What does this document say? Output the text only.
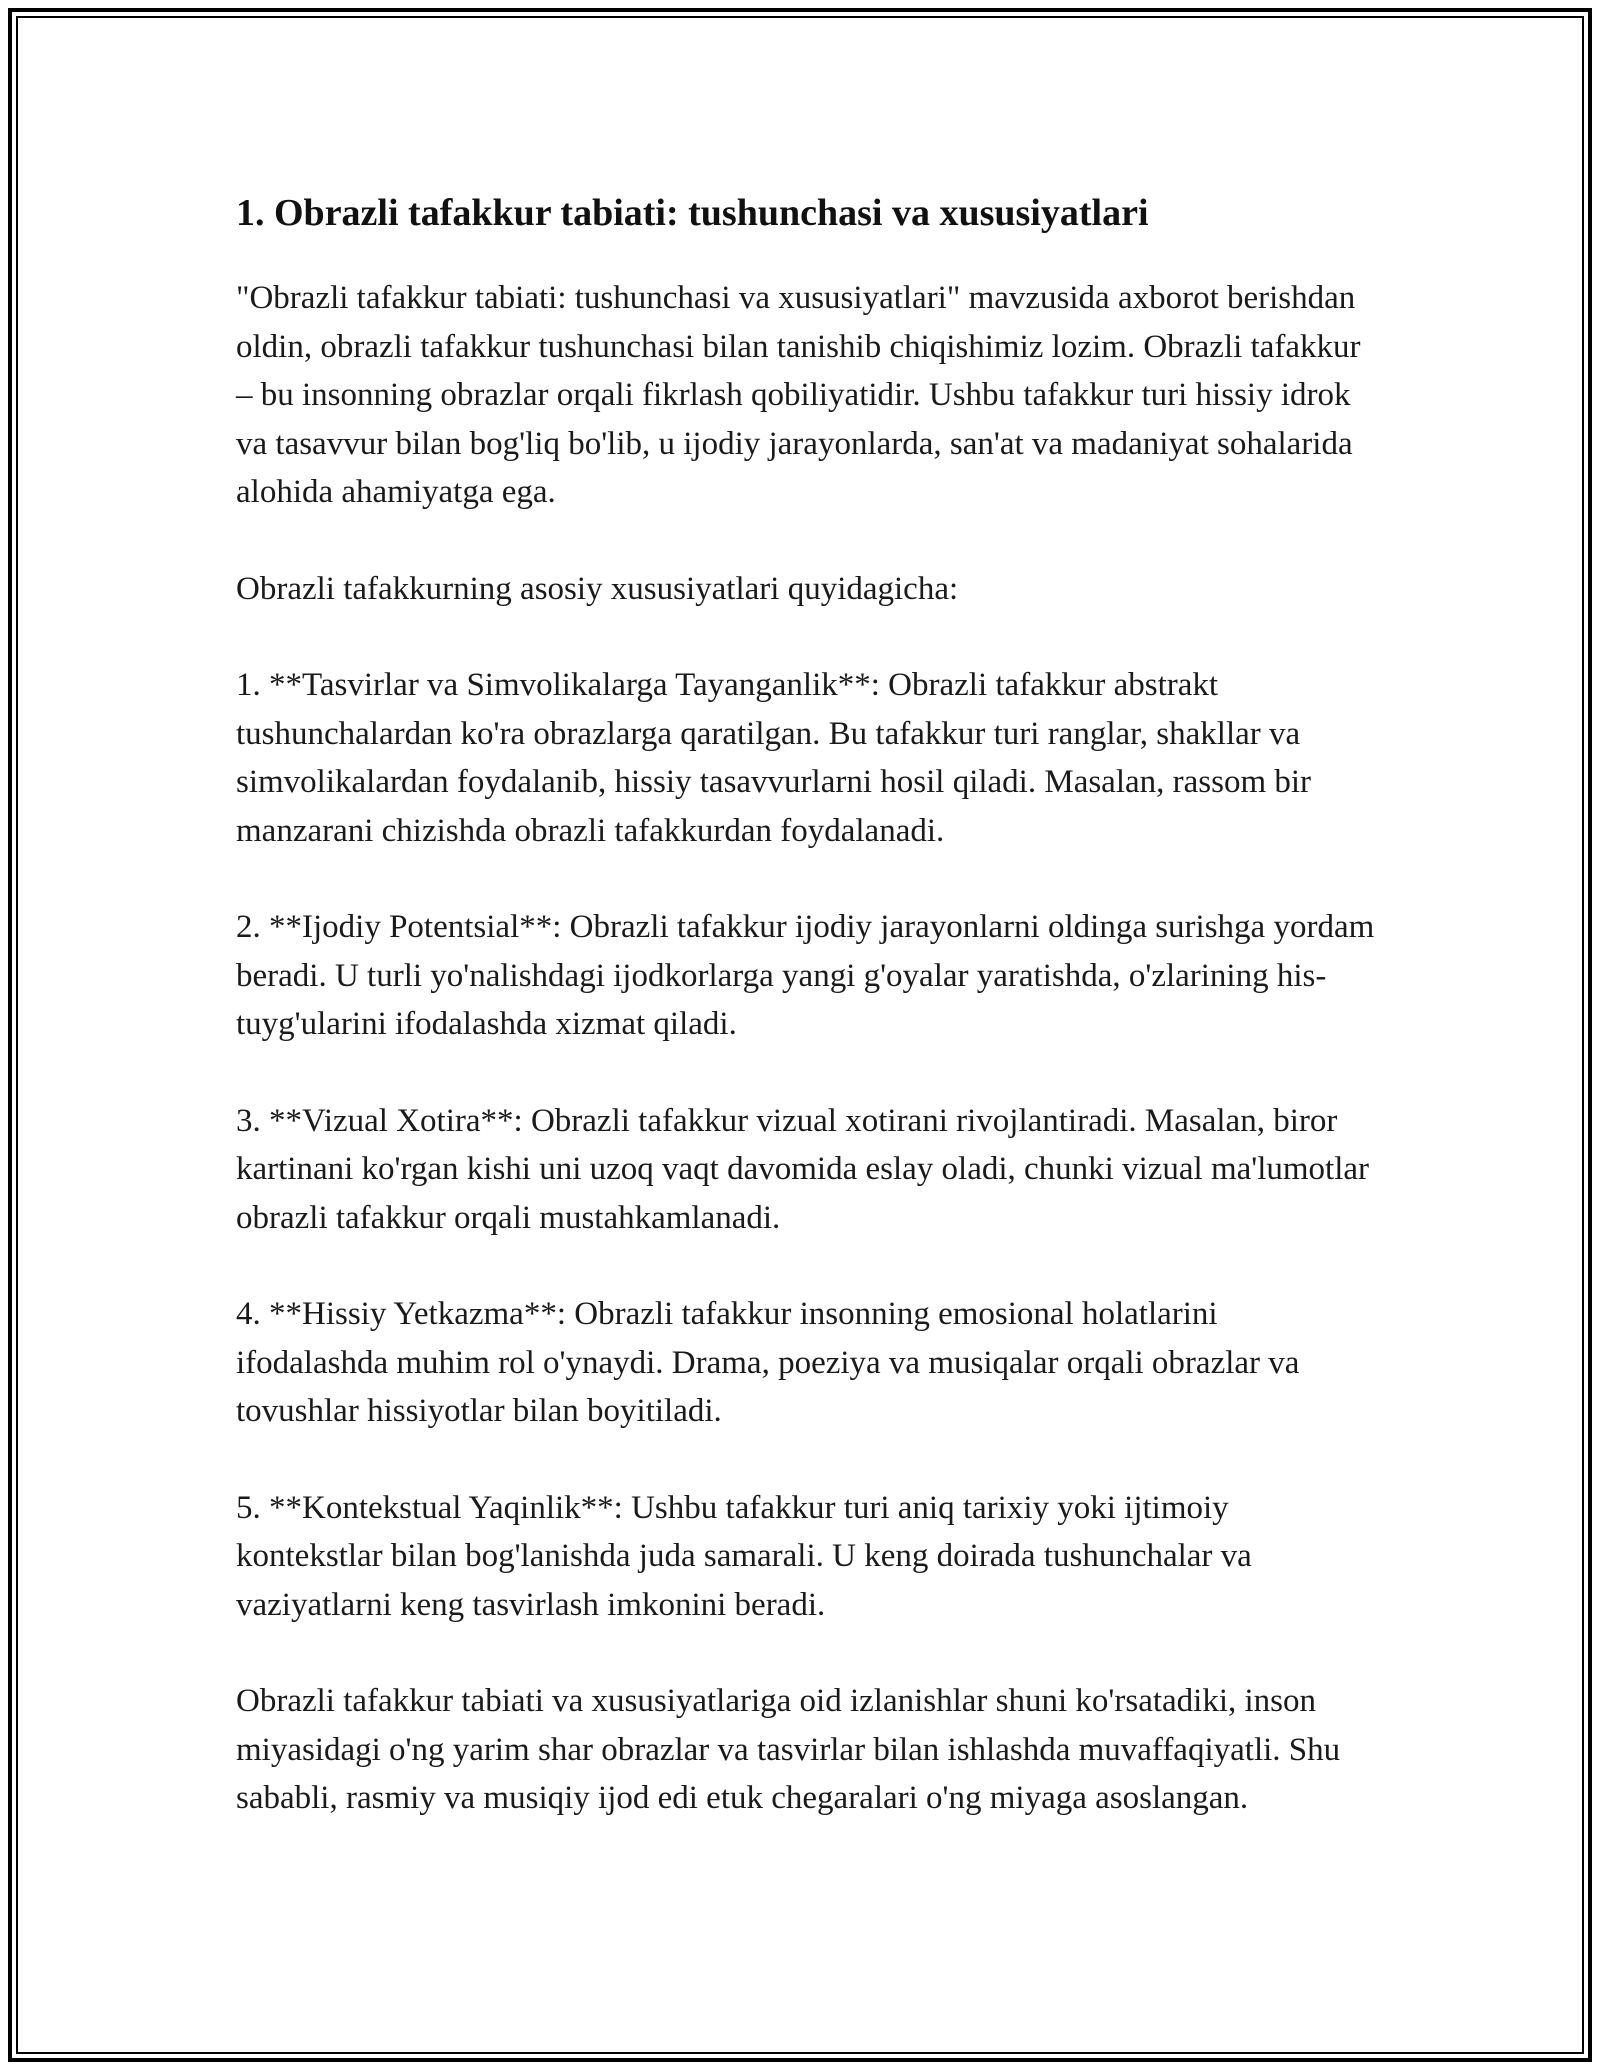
1. Obrazli tafakkur tabiati: tushunchasi va xususiyatlari

"Obrazli tafakkur tabiati: tushunchasi va xususiyatlari" mavzusida axborot berishdan oldin, obrazli tafakkur tushunchasi bilan tanishib chiqishimiz lozim. Obrazli tafakkur – bu insonning obrazlar orqali fikrlash qobiliyatidir. Ushbu tafakkur turi hissiy idrok va tasavvur bilan bog'liq bo'lib, u ijodiy jarayonlarda, san'at va madaniyat sohalarida alohida ahamiyatga ega.

Obrazli tafakkurning asosiy xususiyatlari quyidagicha:

1. **Tasvirlar va Simvolikalarga Tayanganlik**: Obrazli tafakkur abstrakt tushunchalardan ko'ra obrazlarga qaratilgan. Bu tafakkur turi ranglar, shakllar va simvolikalardan foydalanib, hissiy tasavvurlarni hosil qiladi. Masalan, rassom bir manzarani chizishda obrazli tafakkurdan foydalanadi.

2. **Ijodiy Potentsial**: Obrazli tafakkur ijodiy jarayonlarni oldinga surishga yordam beradi. U turli yo'nalishdagi ijodkorlarga yangi g'oyalar yaratishda, o'zlarining his-tuyg'ularini ifodalashda xizmat qiladi.

3. **Vizual Xotira**: Obrazli tafakkur vizual xotirani rivojlantiradi. Masalan, biror kartinani ko'rgan kishi uni uzoq vaqt davomida eslay oladi, chunki vizual ma'lumotlar obrazli tafakkur orqali mustahkamlanadi.

4. **Hissiy Yetkazma**: Obrazli tafakkur insonning emosional holatlarini ifodalashda muhim rol o'ynaydi. Drama, poeziya va musiqalar orqali obrazlar va tovushlar hissiyotlar bilan boyitiladi.

5. **Kontekstual Yaqinlik**: Ushbu tafakkur turi aniq tarixiy yoki ijtimoiy kontekstlar bilan bog'lanishda juda samarali. U keng doirada tushunchalar va vaziyatlarni keng tasvirlash imkonini beradi.

Obrazli tafakkur tabiati va xususiyatlariga oid izlanishlar shuni ko'rsatadiki, inson miyasidagi o'ng yarim shar obrazlar va tasvirlar bilan ishlashda muvaffaqiyatli. Shu sababli, rasmiy va musiqiy ijod edi etuk chegaralari o'ng miyaga asoslangan.
